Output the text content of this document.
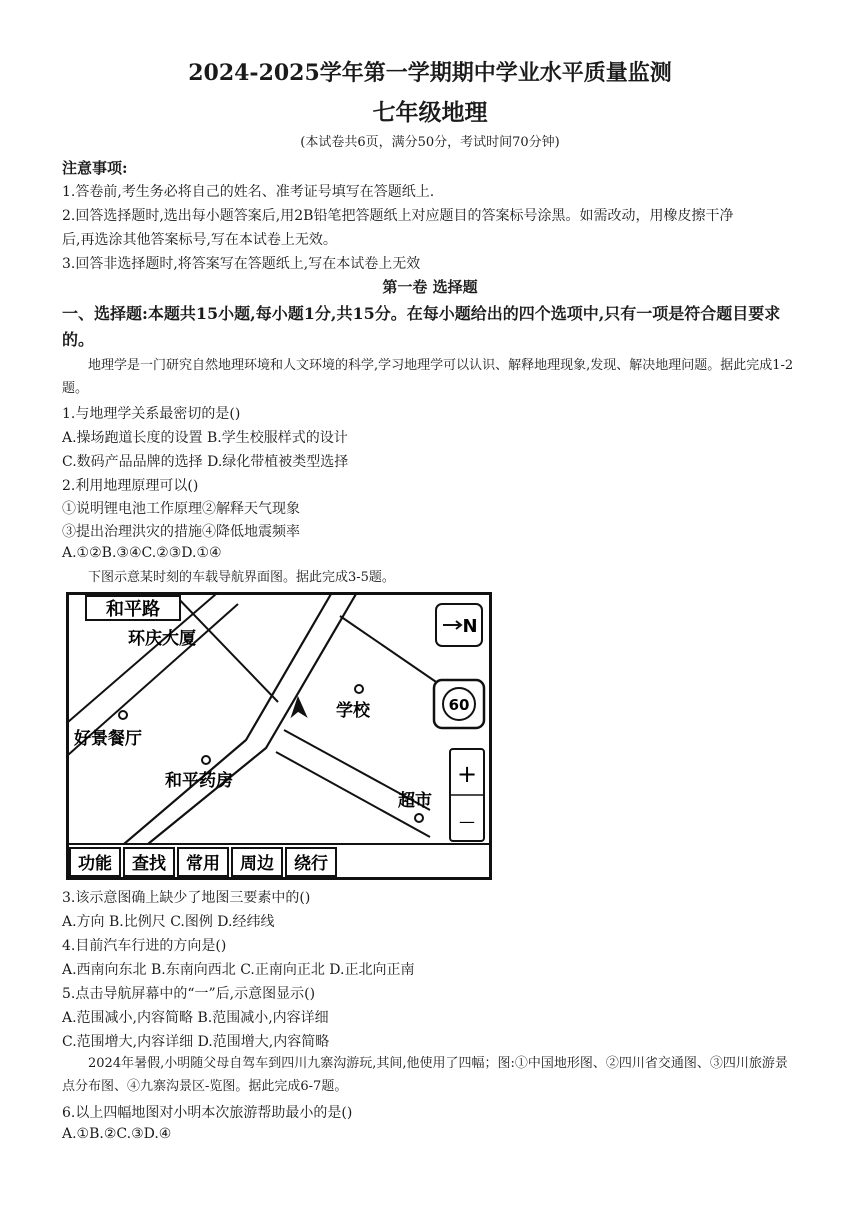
2024-2025学年第一学期期中学业水平质量监测
七年级地理
(本试卷共6页，满分50分，考试时间70分钟)
注意事项:
1.答卷前,考生务必将自己的姓名、准考证号填写在答题纸上.
2.回答选择题时,选出每小题答案后,用2B铅笔把答题纸上对应题目的答案标号涂黑。如需改动，用橡皮擦干净
后,再选涂其他答案标号,写在本试卷上无效。
3.回答非选择题时,将答案写在答题纸上,写在本试卷上无效
第一卷 选择题
一、选择题:本题共15小题,每小题1分,共15分。在每小题给出的四个选项中,只有一项是符合题目要求的。
地理学是一门研究自然地理环境和人文环境的科学,学习地理学可以认识、解释地理现象,发现、解决地理问题。据此完成1-2题。
1.与地理学关系最密切的是()
A.操场跑道长度的设置 B.学生校服样式的设计
C.数码产品品牌的选择 D.绿化带植被类型选择
2.利用地理原理可以()
①说明锂电池工作原理②解释天气现象
③提出治理洪灾的措施④降低地震频率
A.①②B.③④C.②③D.①④
下图示意某时刻的车载导航界面图。据此完成3-5题。
和平路
环庆大厦
学校
好景餐厅
和平药房
超市
N
60
+
—
功能 查找 常用 周边 绕行
3.该示意图确上缺少了地图三要素中的()
A.方向 B.比例尺 C.图例 D.经纬线
4.目前汽车行进的方向是()
A.西南向东北 B.东南向西北 C.正南向正北 D.正北向正南
5.点击导航屏幕中的“一”后,示意图显示()
A.范围减小,内容简略 B.范围减小,内容详细
C.范围增大,内容详细 D.范围增大,内容简略
2024年暑假,小明随父母自驾车到四川九寨沟游玩,其间,他使用了四幅；图:①中国地形图、②四川省交通图、③四川旅游景点分布图、④九寨沟景区-览图。据此完成6-7题。
6.以上四幅地图对小明本次旅游帮助最小的是()
A.①B.②C.③D.④
